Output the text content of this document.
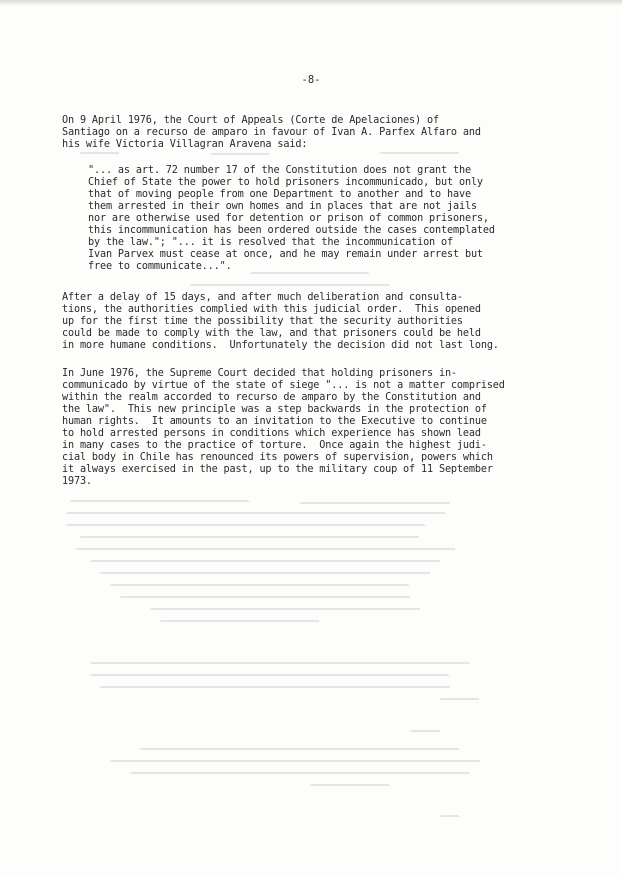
-8-
On 9 April 1976, the Court of Appeals (Corte de Apelaciones) of
Santiago on a recurso de amparo in favour of Ivan A. Parfex Alfaro and
his wife Victoria Villagran Aravena said:
"... as art. 72 number 17 of the Constitution does not grant the
Chief of State the power to hold prisoners incommunicado, but only
that of moving people from one Department to another and to have
them arrested in their own homes and in places that are not jails
nor are otherwise used for detention or prison of common prisoners,
this incommunication has been ordered outside the cases contemplated
by the law."; "... it is resolved that the incommunication of
Ivan Parvex must cease at once, and he may remain under arrest but
free to communicate...".
After a delay of 15 days, and after much deliberation and consulta-
tions, the authorities complied with this judicial order.  This opened
up for the first time the possibility that the security authorities
could be made to comply with the law, and that prisoners could be held
in more humane conditions.  Unfortunately the decision did not last long.
In June 1976, the Supreme Court decided that holding prisoners in-
communicado by virtue of the state of siege "... is not a matter comprised
within the realm accorded to recurso de amparo by the Constitution and
the law".  This new principle was a step backwards in the protection of
human rights.  It amounts to an invitation to the Executive to continue
to hold arrested persons in conditions which experience has shown lead
in many cases to the practice of torture.  Once again the highest judi-
cial body in Chile has renounced its powers of supervision, powers which
it always exercised in the past, up to the military coup of 11 September
1973.
